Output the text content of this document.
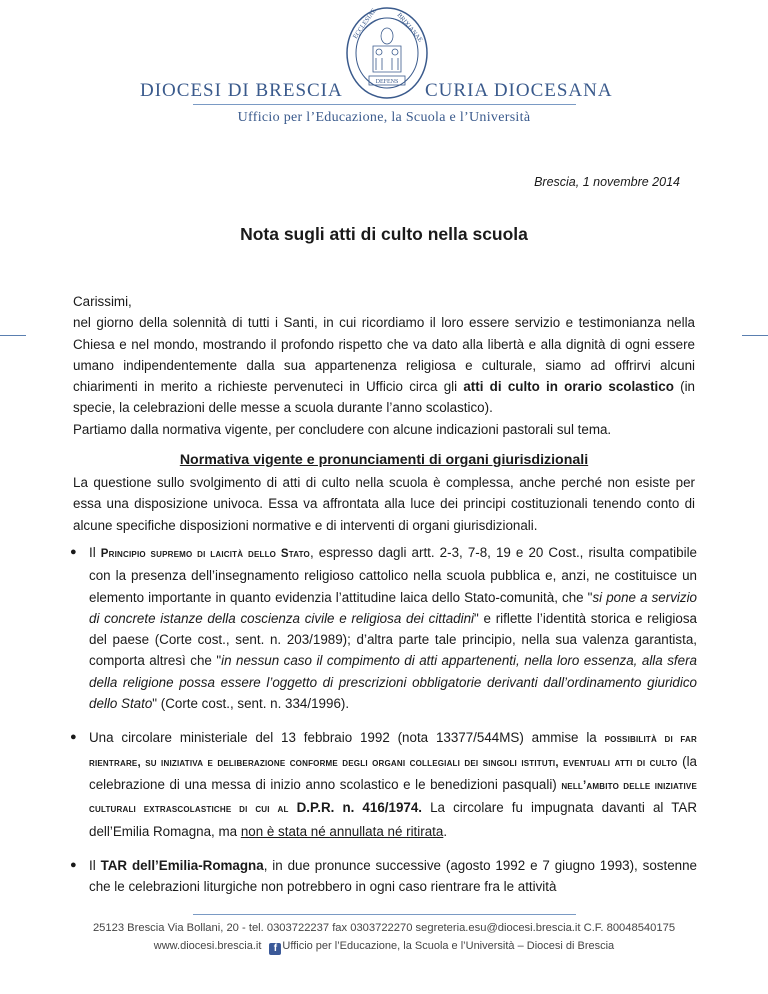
ECCLESIAE	BRIXIANAE
DEFENS
DIOCESI DI BRESCIA	CURIA DIOCESANA
Ufficio per l’Educazione, la Scuola e l’Università
Brescia, 1 novembre 2014
Nota sugli atti di culto nella scuola

Carissimi,

nel giorno della solennità di tutti i Santi, in cui ricordiamo il loro essere servizio e testimonianza nella Chiesa e nel mondo, mostrando il profondo rispetto che va dato alla libertà e alla dignità di ogni essere umano indipendentemente dalla sua appartenenza religiosa e culturale, siamo ad offrirvi alcuni chiarimenti in merito a richieste pervenuteci in Ufficio circa gli atti di culto in orario scolastico (in specie, la celebrazioni delle messe a scuola durante l’anno scolastico).

Partiamo dalla normativa vigente, per concludere con alcune indicazioni pastorali sul tema.

Normativa vigente e pronunciamenti di organi giurisdizionali
La questione sullo svolgimento di atti di culto nella scuola è complessa, anche perché non esiste per essa una disposizione univoca. Essa va affrontata alla luce dei principi costituzionali tenendo conto di alcune specifiche disposizioni normative e di interventi di organi giurisdizionali.
● Il Principio supremo di laicità dello Stato, espresso dagli artt. 2-3, 7-8, 19 e 20 Cost., risulta compatibile con la presenza dell’insegnamento religioso cattolico nella scuola pubblica e, anzi, ne costituisce un elemento importante in quanto evidenzia l’attitudine laica dello Stato-comunità, che "si pone a servizio di concrete istanze della coscienza civile e religiosa dei cittadini" e riflette l’identità storica e religiosa del paese (Corte cost., sent. n. 203/1989); d’altra parte tale principio, nella sua valenza garantista, comporta altresì che "in nessun caso il compimento di atti appartenenti, nella loro essenza, alla sfera della religione possa essere l’oggetto di prescrizioni obbligatorie derivanti dall’ordinamento giuridico dello Stato" (Corte cost., sent. n. 334/1996).
● Una circolare ministeriale del 13 febbraio 1992 (nota 13377/544MS) ammise la possibilità di far rientrare, su iniziativa e deliberazione conforme degli organi collegiali dei singoli istituti, eventuali atti di culto (la celebrazione di una messa di inizio anno scolastico e le benedizioni pasquali) nell’ambito delle iniziative culturali extrascolastiche di cui al D.P.R. n. 416/1974. La circolare fu impugnata davanti al TAR dell’Emilia Romagna, ma non è stata né annullata né ritirata.
● Il TAR dell’Emilia-Romagna, in due pronunce successive (agosto 1992 e 7 giugno 1993), sostenne che le celebrazioni liturgiche non potrebbero in ogni caso rientrare fra le attività
25123 Brescia Via Bollani, 20 - tel. 0303722237 fax 0303722270 segreteria.esu@diocesi.brescia.it C.F. 80048540175
www.diocesi.brescia.it f Ufficio per l’Educazione, la Scuola e l’Università – Diocesi di Brescia
